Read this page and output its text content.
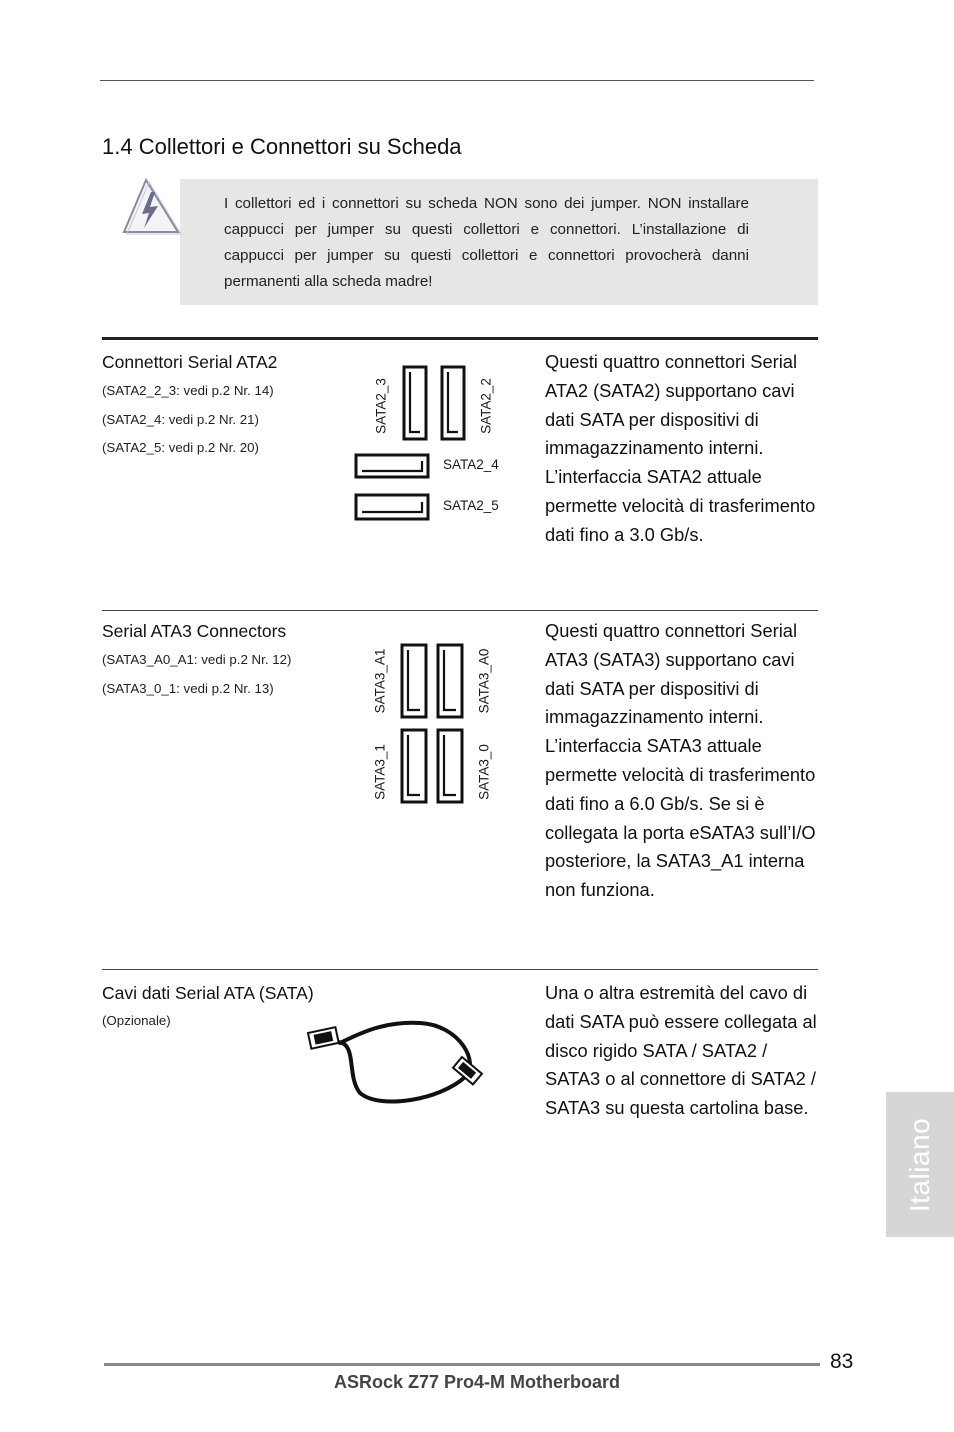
1.4 Collettori e Connettori su Scheda
I collettori ed i connettori su scheda NON sono dei jumper. NON installare cappucci per jumper su questi collettori e connettori. L’installazione di cappucci per jumper su questi collettori e connettori provocherà danni permanenti alla scheda madre!
Connettori Serial ATA2
(SATA2_2_3: vedi p.2 Nr. 14)
(SATA2_4: vedi p.2 Nr. 21)
(SATA2_5: vedi p.2 Nr. 20)
SATA2_3	SATA2_2
SATA2_4
SATA2_5
Questi quattro connettori Serial ATA2 (SATA2) supportano cavi dati SATA per dispositivi di immagazzinamento interni. L’interfaccia SATA2 attuale permette velocità di trasferimento dati fino a 3.0 Gb/s.
Serial ATA3 Connectors
(SATA3_A0_A1: vedi p.2 Nr. 12)
(SATA3_0_1: vedi p.2 Nr. 13)	SATA3_A1	SATA3_A0
SATA3_1	SATA3_0
Questi quattro connettori Serial ATA3 (SATA3) supportano cavi dati SATA per dispositivi di immagazzinamento interni. L’interfaccia SATA3 attuale permette velocità di trasferimento dati fino a 6.0 Gb/s. Se si è collegata la porta eSATA3 sull’I/O posteriore, la SATA3_A1 interna non funziona.
Cavi dati Serial ATA (SATA)
(Opzionale)
Una o altra estremità del cavo di dati SATA può essere collegata al disco rigido SATA / SATA2 / SATA3 o al connettore di SATA2 / SATA3 su questa cartolina base.
Italiano
83
ASRock Z77 Pro4-M Motherboard
